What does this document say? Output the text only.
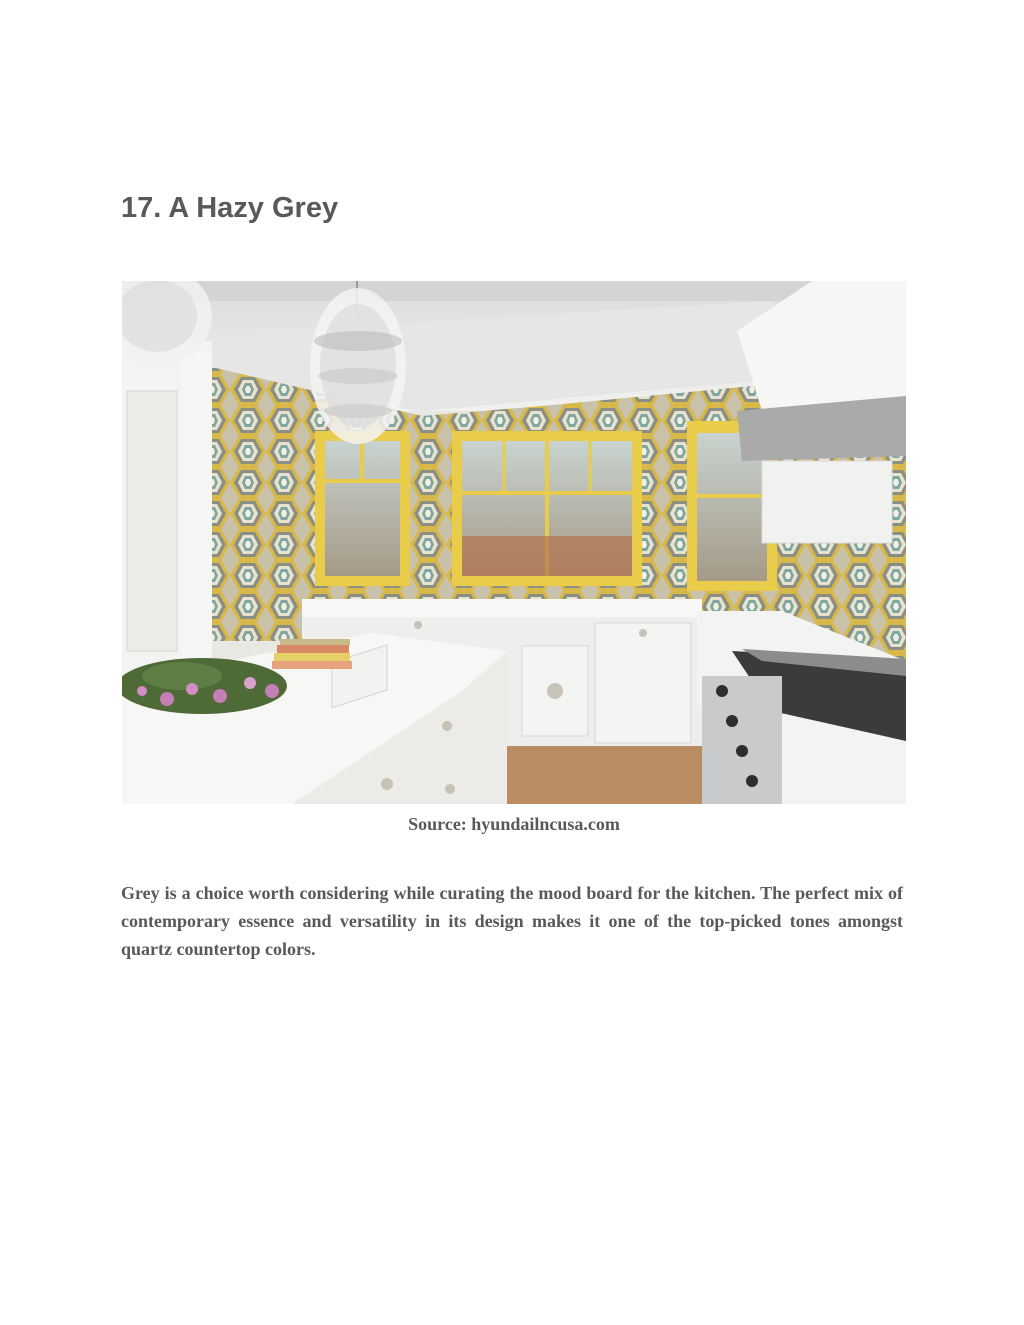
17. A Hazy Grey
Source: hyundailncusa.com

Grey is a choice worth considering while curating the mood board for the kitchen. The perfect mix of contemporary essence and versatility in its design makes it one of the top-picked tones amongst quartz countertop colors.
